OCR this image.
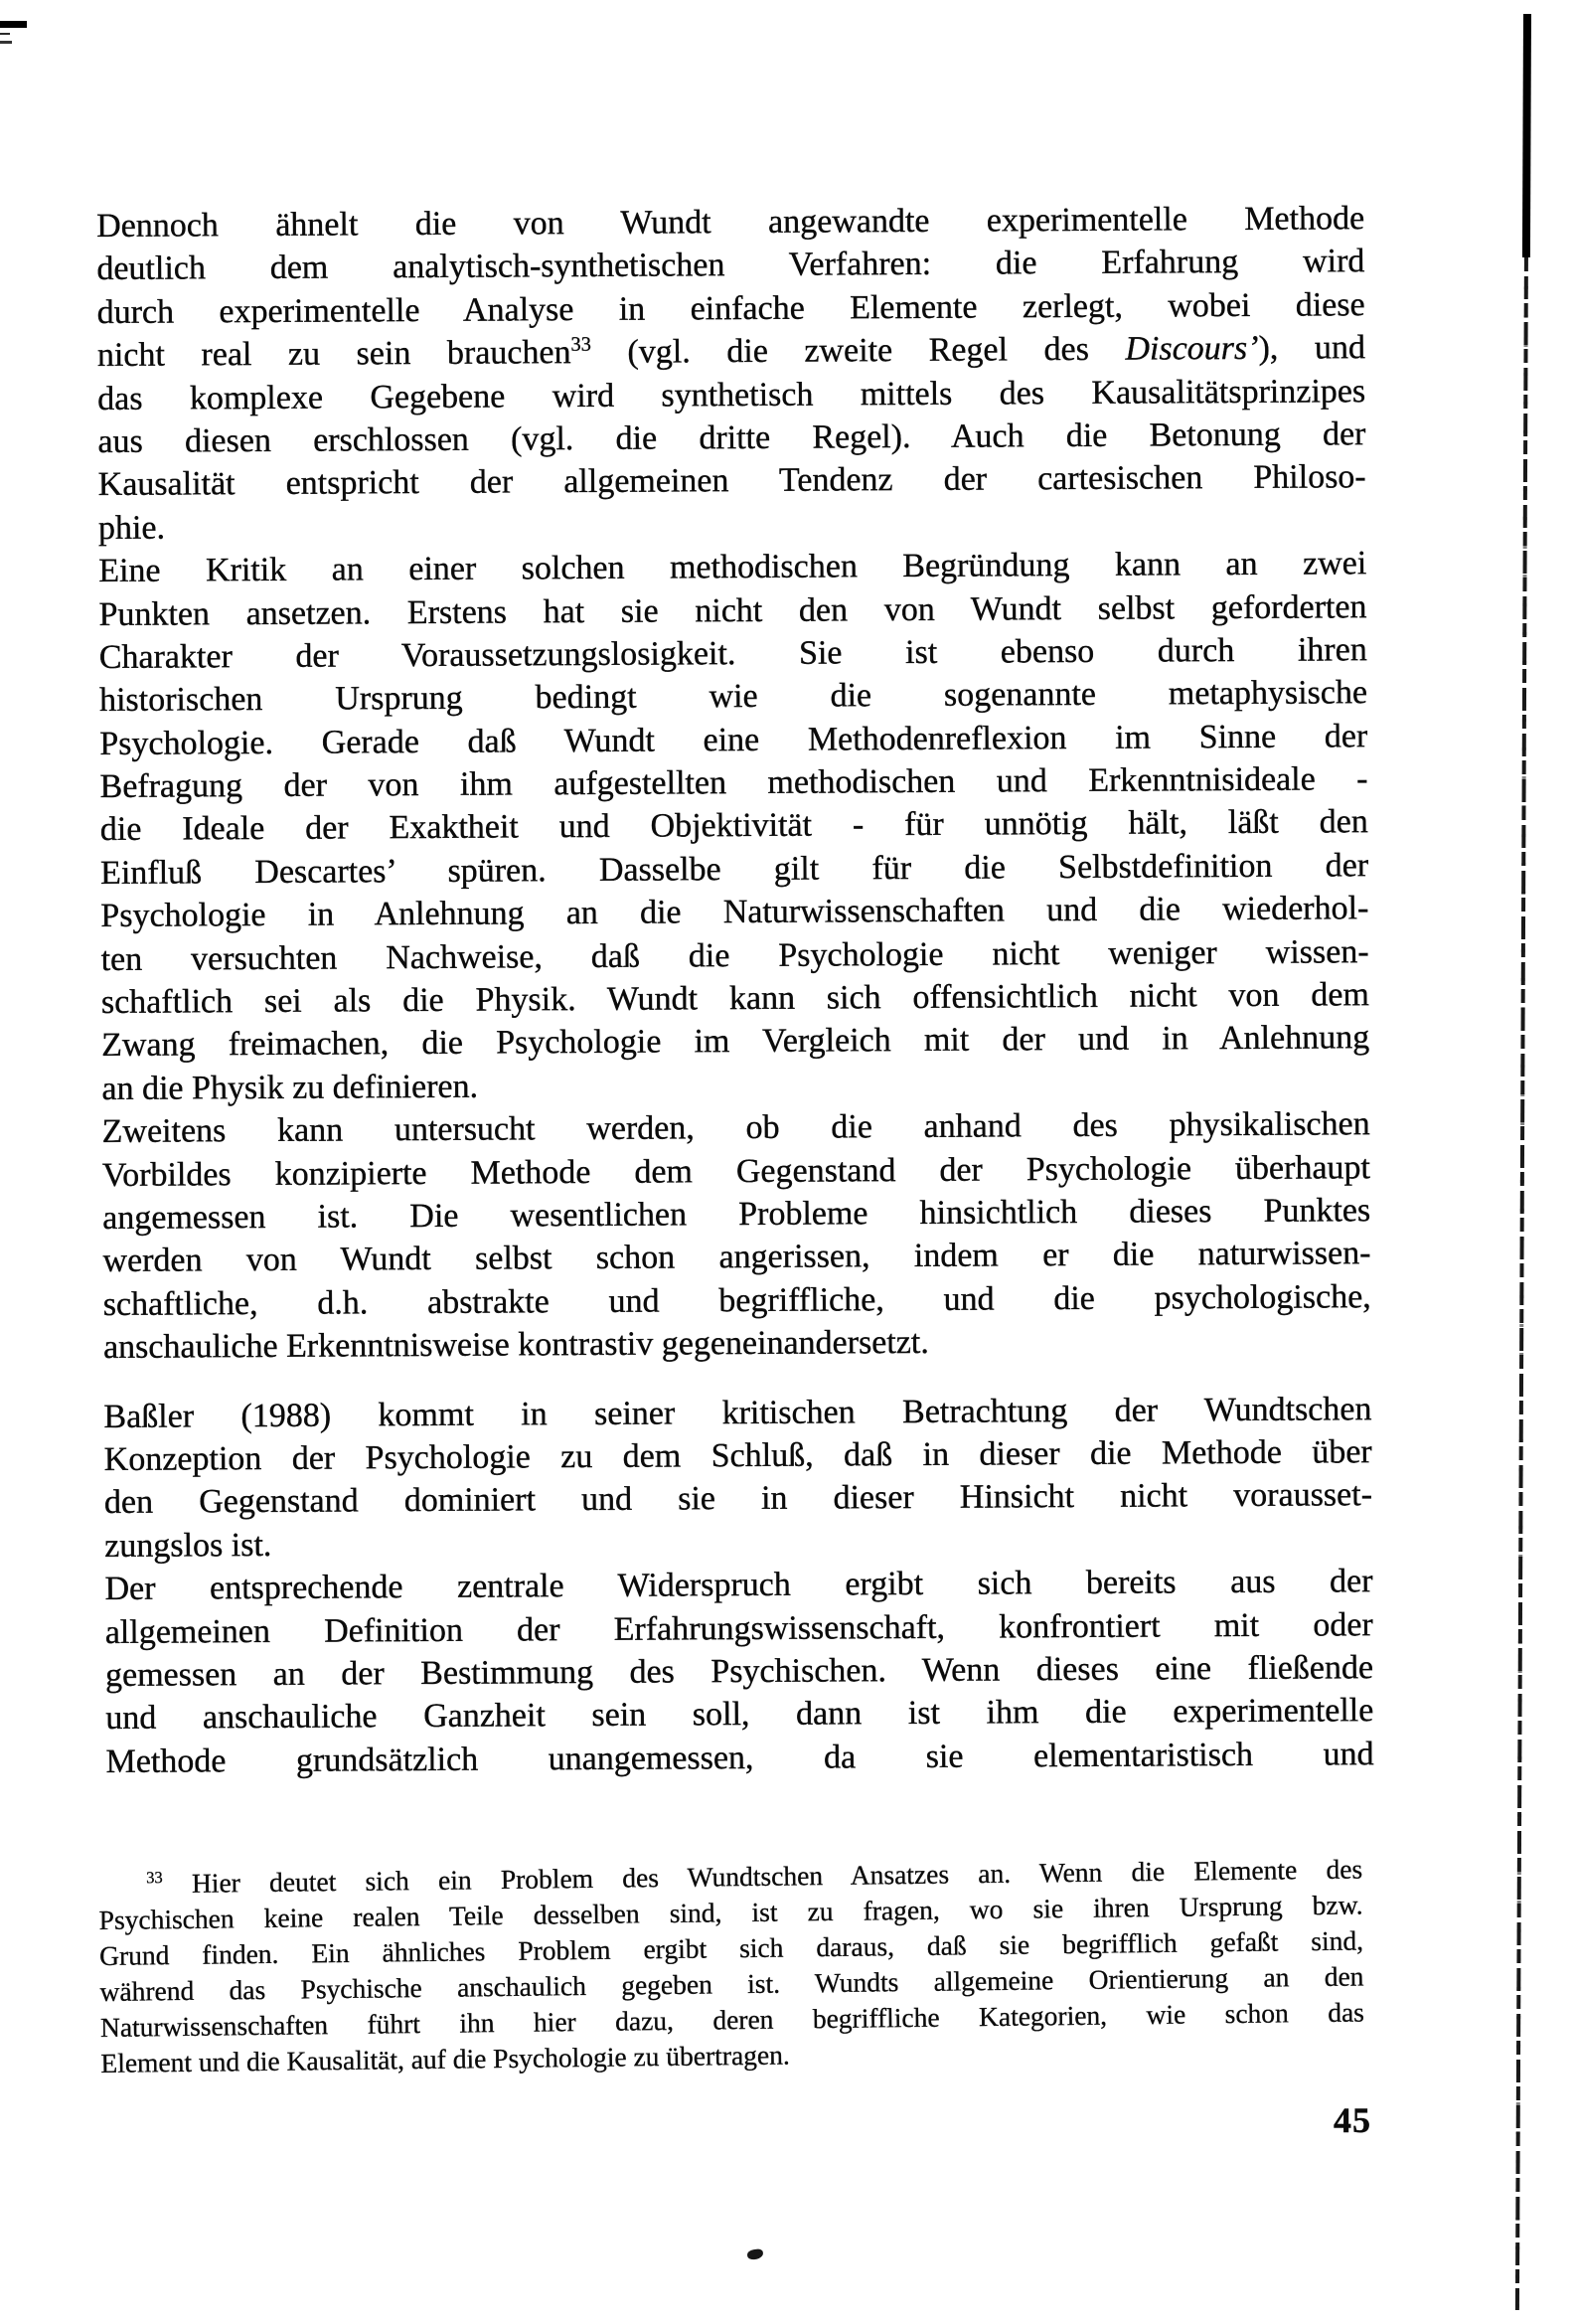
Dennoch ähnelt die von Wundt angewandte experimentelle Methode
deutlich dem analytisch-synthetischen Verfahren: die Erfahrung wird
durch experimentelle Analyse in einfache Elemente zerlegt, wobei diese
nicht real zu sein brauchen$^{33}$ (vgl. die zweite Regel des Discours’), und
das komplexe Gegebene wird synthetisch mittels des Kausalitätsprinzipes
aus diesen erschlossen (vgl. die dritte Regel). Auch die Betonung der
Kausalität entspricht der allgemeinen Tendenz der cartesischen Philoso-
phie.
Eine Kritik an einer solchen methodischen Begründung kann an zwei
Punkten ansetzen. Erstens hat sie nicht den von Wundt selbst geforderten
Charakter der Voraussetzungslosigkeit. Sie ist ebenso durch ihren
historischen Ursprung bedingt wie die sogenannte metaphysische
Psychologie. Gerade daß Wundt eine Methodenreflexion im Sinne der
Befragung der von ihm aufgestellten methodischen und Erkenntnisideale -
die Ideale der Exaktheit und Objektivität - für unnötig hält, läßt den
Einfluß Descartes’ spüren. Dasselbe gilt für die Selbstdefinition der
Psychologie in Anlehnung an die Naturwissenschaften und die wiederhol-
ten versuchten Nachweise, daß die Psychologie nicht weniger wissen-
schaftlich sei als die Physik. Wundt kann sich offensichtlich nicht von dem
Zwang freimachen, die Psychologie im Vergleich mit der und in Anlehnung
an die Physik zu definieren.
Zweitens kann untersucht werden, ob die anhand des physikalischen
Vorbildes konzipierte Methode dem Gegenstand der Psychologie überhaupt
angemessen ist. Die wesentlichen Probleme hinsichtlich dieses Punktes
werden von Wundt selbst schon angerissen, indem er die naturwissen-
schaftliche, d.h. abstrakte und begriffliche, und die psychologische,
anschauliche Erkenntnisweise kontrastiv gegeneinandersetzt.
Baßler (1988) kommt in seiner kritischen Betrachtung der Wundtschen
Konzeption der Psychologie zu dem Schluß, daß in dieser die Methode über
den Gegenstand dominiert und sie in dieser Hinsicht nicht vorausset-
zungslos ist.
Der entsprechende zentrale Widerspruch ergibt sich bereits aus der
allgemeinen Definition der Erfahrungswissenschaft, konfrontiert mit oder
gemessen an der Bestimmung des Psychischen. Wenn dieses eine fließende
und anschauliche Ganzheit sein soll, dann ist ihm die experimentelle
Methode grundsätzlich unangemessen, da sie elementaristisch und
$^{33}$ Hier deutet sich ein Problem des Wundtschen Ansatzes an. Wenn die Elemente des
Psychischen keine realen Teile desselben sind, ist zu fragen, wo sie ihren Ursprung bzw.
Grund finden. Ein ähnliches Problem ergibt sich daraus, daß sie begrifflich gefaßt sind,
während das Psychische anschaulich gegeben ist. Wundts allgemeine Orientierung an den
Naturwissenschaften führt ihn hier dazu, deren begriffliche Kategorien, wie schon das
Element und die Kausalität, auf die Psychologie zu übertragen.
45
